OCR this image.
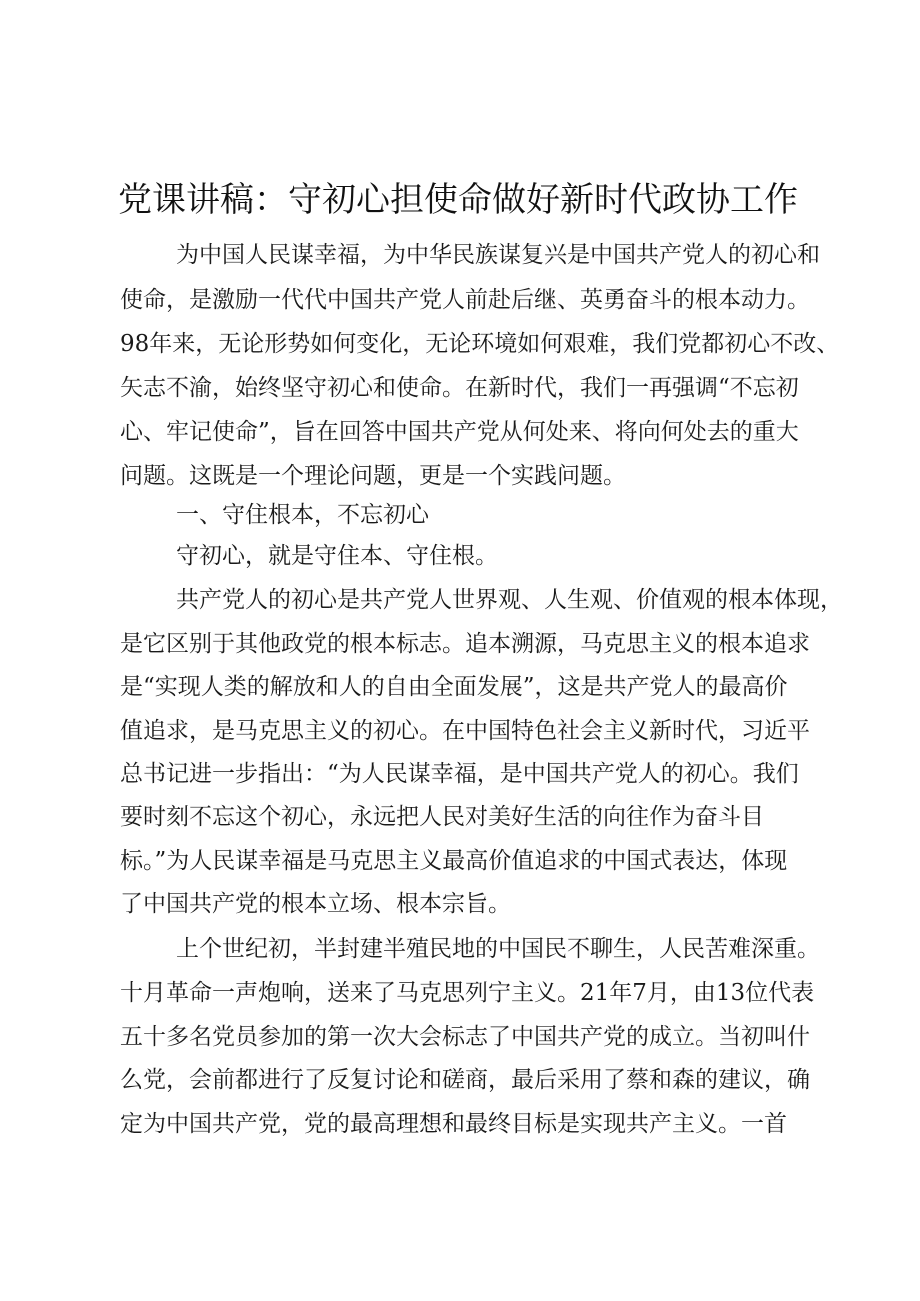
党课讲稿：守初心担使命做好新时代政协工作

为中国人民谋幸福，为中华民族谋复兴是中国共产党人的初心和

使命，是激励一代代中国共产党人前赴后继、英勇奋斗的根本动力。

98年来，无论形势如何变化，无论环境如何艰难，我们党都初心不改、

矢志不渝，始终坚守初心和使命。在新时代，我们一再强调“不忘初

心、牢记使命”，旨在回答中国共产党从何处来、将向何处去的重大

问题。这既是一个理论问题，更是一个实践问题。

一、守住根本，不忘初心

守初心，就是守住本、守住根。

共产党人的初心是共产党人世界观、人生观、价值观的根本体现，

是它区别于其他政党的根本标志。追本溯源，马克思主义的根本追求

是“实现人类的解放和人的自由全面发展”，这是共产党人的最高价

值追求，是马克思主义的初心。在中国特色社会主义新时代，习近平

总书记进一步指出：“为人民谋幸福，是中国共产党人的初心。我们

要时刻不忘这个初心，永远把人民对美好生活的向往作为奋斗目

标。”为人民谋幸福是马克思主义最高价值追求的中国式表达，体现

了中国共产党的根本立场、根本宗旨。

上个世纪初，半封建半殖民地的中国民不聊生，人民苦难深重。

十月革命一声炮响，送来了马克思列宁主义。21年7月，由13位代表

五十多名党员参加的第一次大会标志了中国共产党的成立。当初叫什

么党，会前都进行了反复讨论和磋商，最后采用了蔡和森的建议，确

定为中国共产党，党的最高理想和最终目标是实现共产主义。一首
